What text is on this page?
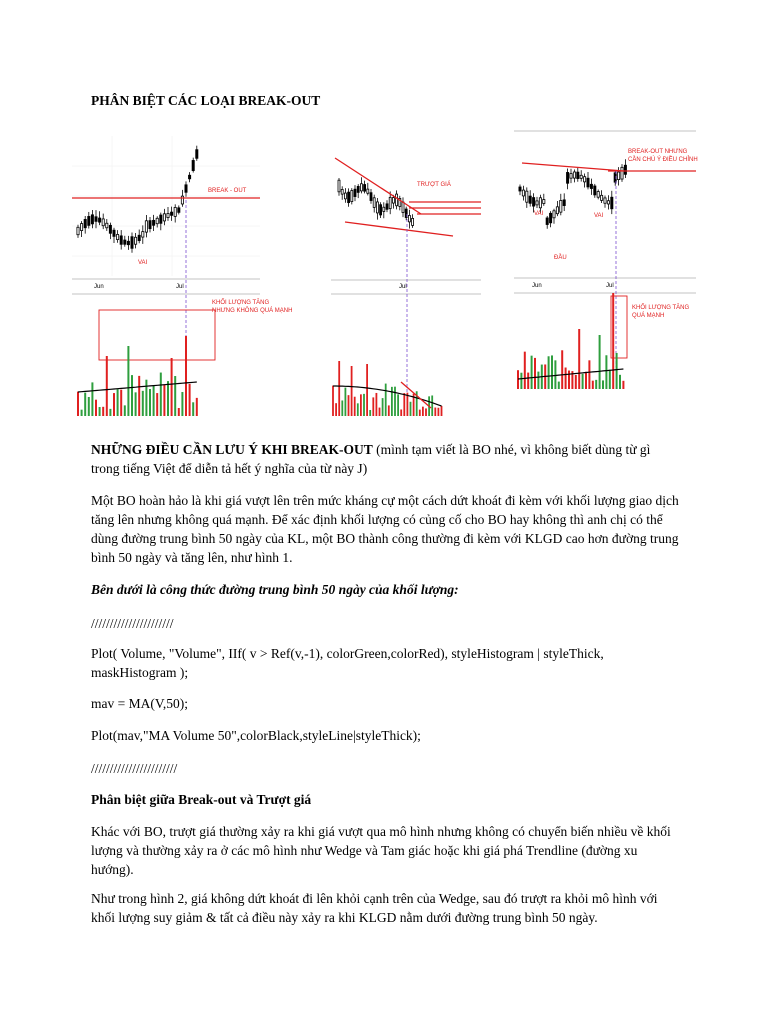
PHÂN BIỆT CÁC LOẠI BREAK-OUT
BREAK - OUT
VAI
Jun	Jul
KHỐI LƯỢNG TĂNG
NHƯNG KHÔNG QUÁ MẠNH
TRƯỢT GIÁ
Jul
BREAK-OUT NHƯNG
CẦN CHÚ Ý ĐIỀU CHỈNH
VAI	VAI
ĐẦU
Jun	Jul
KHỐI LƯỢNG TĂNG
QUÁ MẠNH
NHỮNG ĐIỀU CẦN LƯU Ý KHI BREAK-OUT (mình tạm viết là BO nhé, vì không biết dùng từ gì trong tiếng Việt để diễn tả hết ý nghĩa của từ này J)
Một BO hoàn hảo là khi giá vượt lên trên mức kháng cự một cách dứt khoát đi kèm với khối lượng giao dịch tăng lên nhưng không quá mạnh. Để xác định khối lượng có củng cố cho BO hay không thì anh chị có thể dùng đường trung bình 50 ngày của KL, một BO thành công thường đi kèm với KLGD cao hơn đường trung bình 50 ngày và tăng lên, như hình 1.
Bên dưới là công thức đường trung bình 50 ngày của khối lượng:
//////////////////////
Plot( Volume, "Volume", IIf( v > Ref(v,-1), colorGreen,colorRed), styleHistogram | styleThick, maskHistogram );
mav = MA(V,50);
Plot(mav,"MA Volume 50",colorBlack,styleLine|styleThick);
///////////////////////
Phân biệt giữa Break-out và Trượt giá
Khác với BO, trượt giá thường xảy ra khi giá vượt qua mô hình nhưng không có chuyển biến nhiều về khối lượng và thường xảy ra ở các mô hình như Wedge và Tam giác hoặc khi giá phá Trendline (đường xu hướng).
Như trong hình 2, giá không dứt khoát đi lên khỏi cạnh trên của Wedge, sau đó trượt ra khỏi mô hình với khối lượng suy giảm & tất cả điều này xảy ra khi KLGD nằm dưới đường trung bình 50 ngày.
